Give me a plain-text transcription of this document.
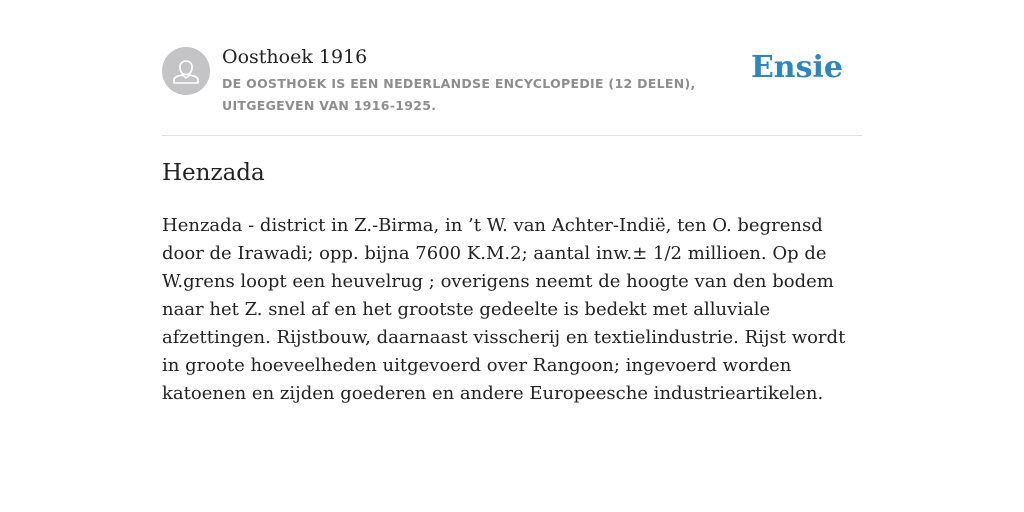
Oosthoek 1916
DE OOSTHOEK IS EEN NEDERLANDSE ENCYCLOPEDIE (12 DELEN), UITGEGEVEN VAN 1916-1925.
Ensie
Henzada

Henzada - district in Z.-Birma, in ’t W. van Achter-Indië, ten O. begrensd door de Irawadi; opp. bijna 7600 K.M.2; aantal inw.± 1/2 millioen. Op de W.grens loopt een heuvelrug ; overigens neemt de hoogte van den bodem naar het Z. snel af en het grootste gedeelte is bedekt met alluviale afzettingen. Rijstbouw, daarnaast visscherij en textielindustrie. Rijst wordt in groote hoeveelheden uitgevoerd over Rangoon; ingevoerd worden katoenen en zijden goederen en andere Europeesche industrieartikelen.
